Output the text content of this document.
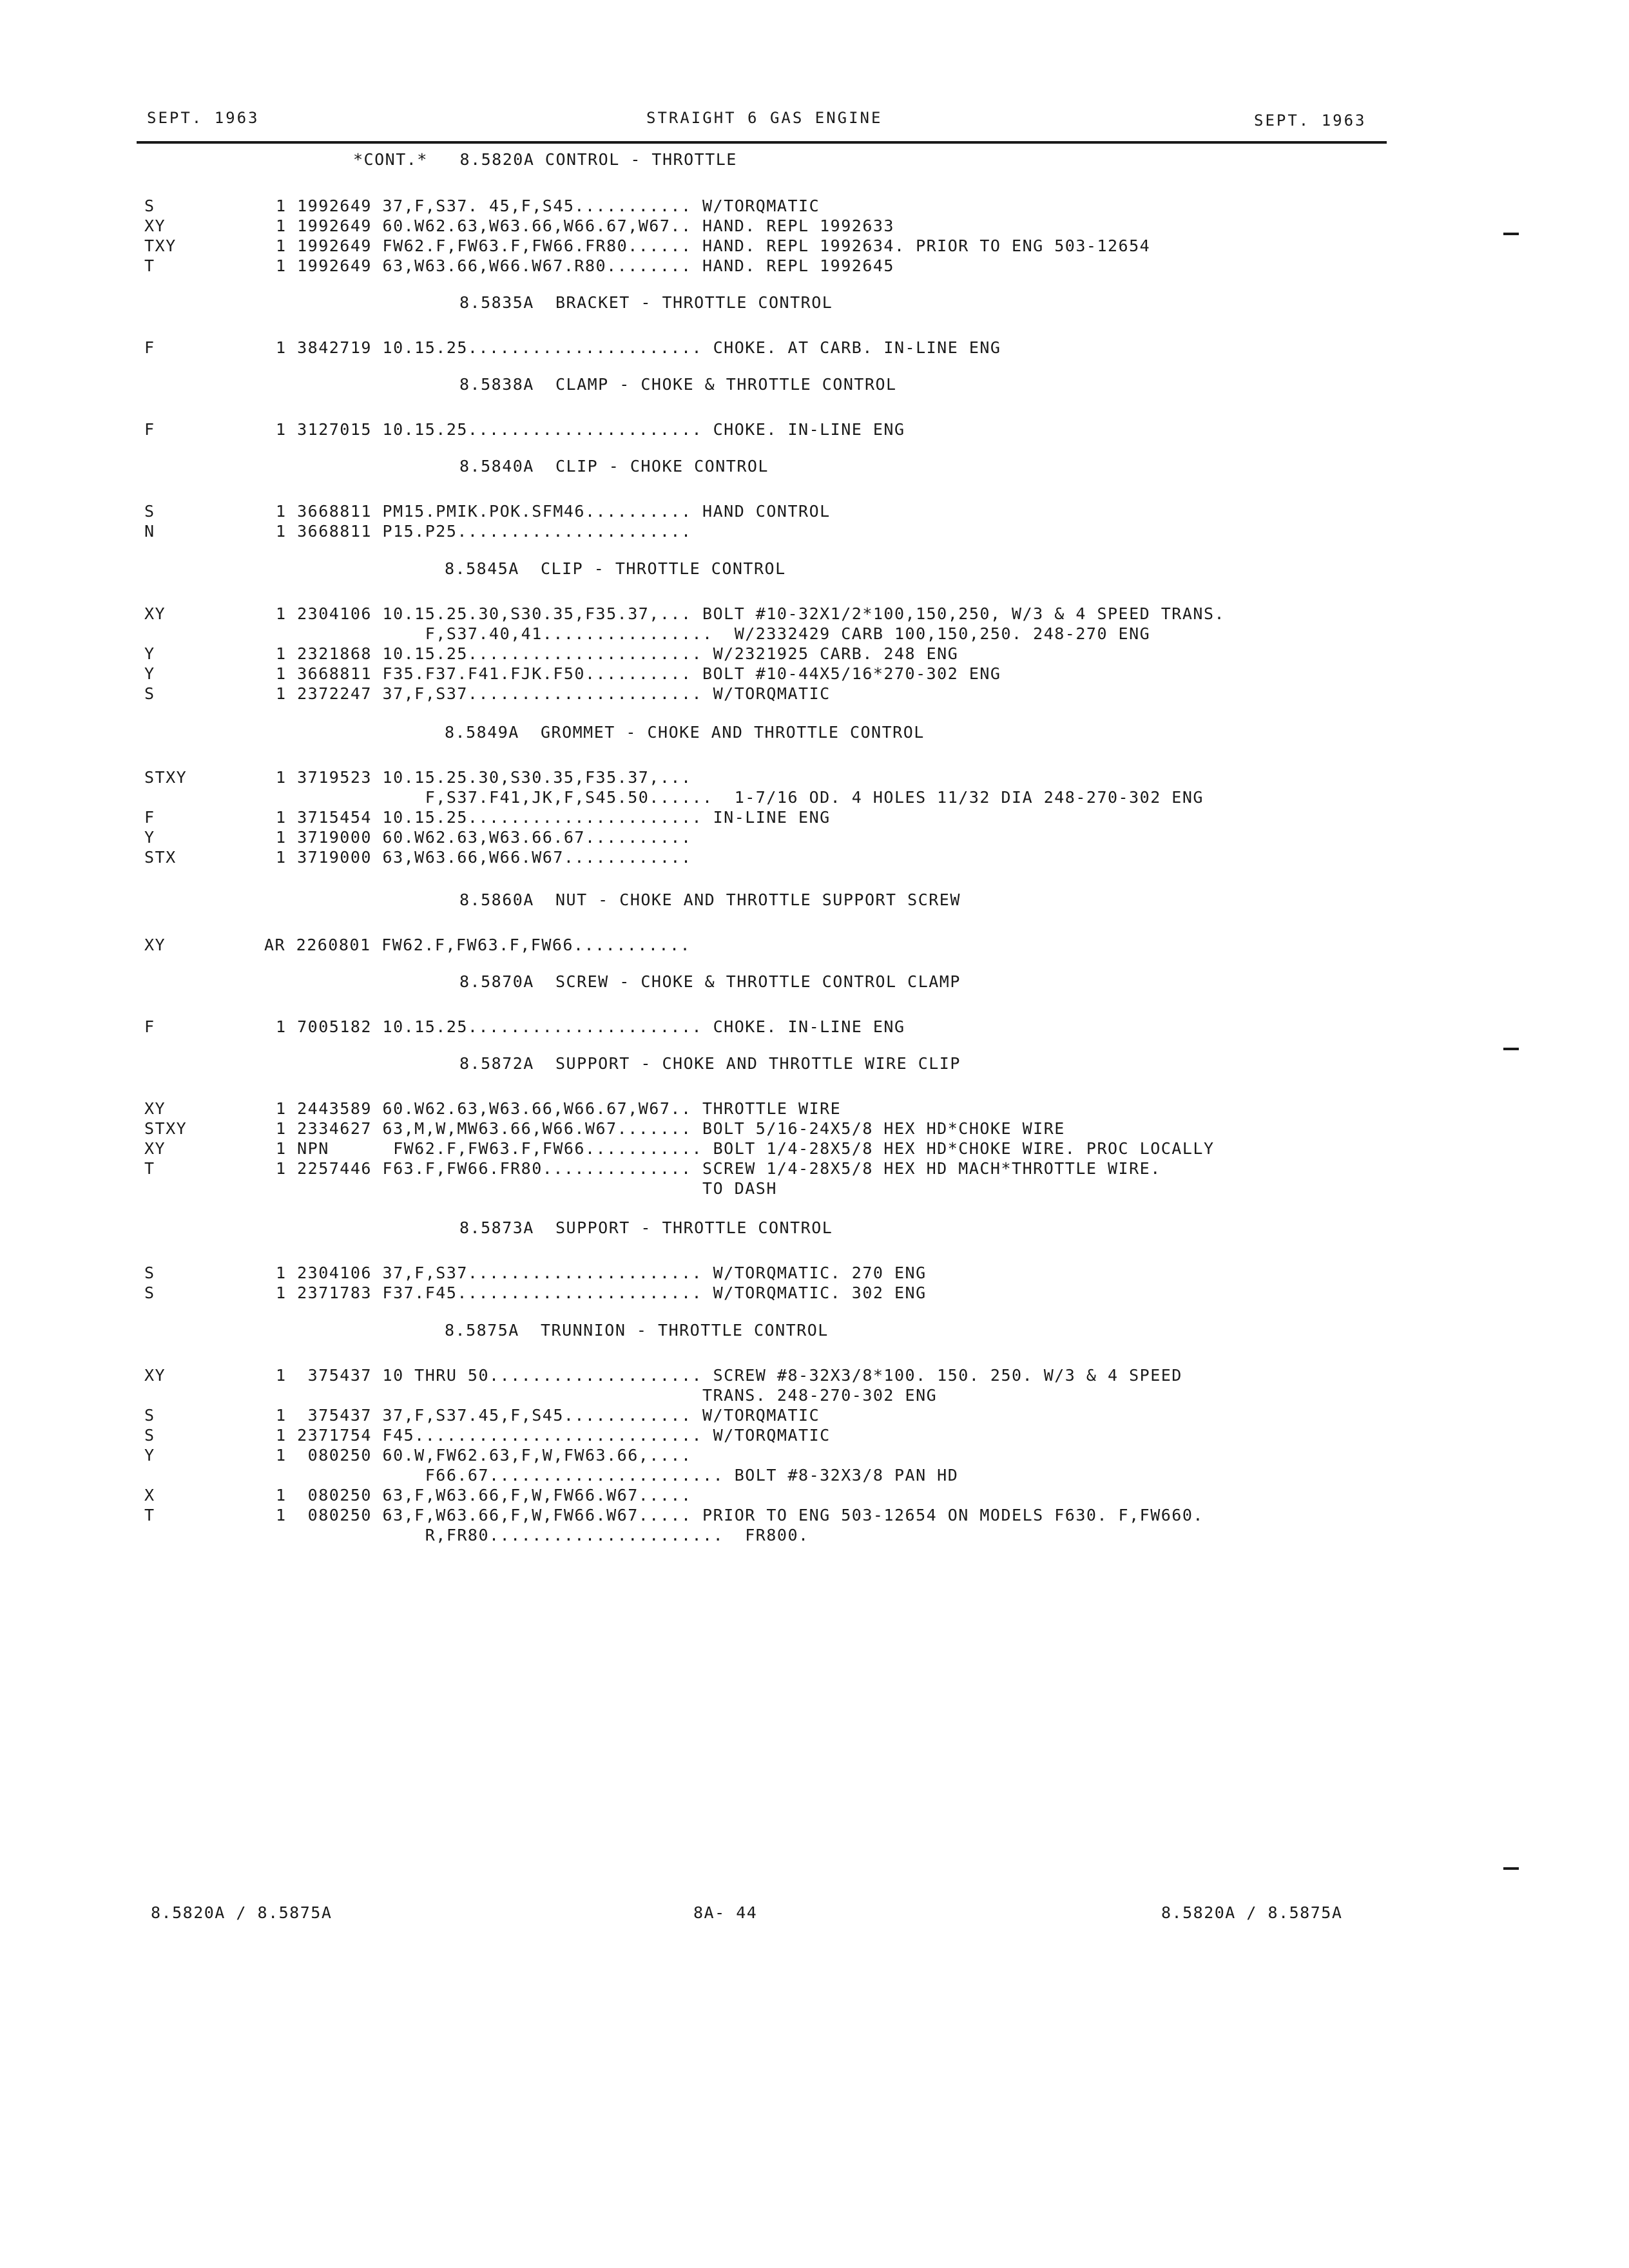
SEPT. 1963	STRAIGHT 6 GAS ENGINE	SEPT. 1963
*CONT.*   8.5820A CONTROL - THROTTLE
S	1 1992649 37,F,S37. 45,F,S45........... W/TORQMATIC
XY	1 1992649 60.W62.63,W63.66,W66.67,W67.. HAND. REPL 1992633
TXY	1 1992649 FW62.F,FW63.F,FW66.FR80...... HAND. REPL 1992634. PRIOR TO ENG 503-12654
T	1 1992649 63,W63.66,W66.W67.R80........ HAND. REPL 1992645
8.5835A  BRACKET - THROTTLE CONTROL
F	1 3842719 10.15.25...................... CHOKE. AT CARB. IN-LINE ENG
8.5838A  CLAMP - CHOKE & THROTTLE CONTROL
F	1 3127015 10.15.25...................... CHOKE. IN-LINE ENG
8.5840A  CLIP - CHOKE CONTROL
S	1 3668811 PM15.PMIK.POK.SFM46.......... HAND CONTROL
N	1 3668811 P15.P25......................
8.5845A  CLIP - THROTTLE CONTROL
XY	1 2304106 10.15.25.30,S30.35,F35.37,... BOLT #10-32X1/2*100,150,250, W/3 & 4 SPEED TRANS.
F,S37.40,41................  W/2332429 CARB 100,150,250. 248-270 ENG
Y	1 2321868 10.15.25...................... W/2321925 CARB. 248 ENG
Y	1 3668811 F35.F37.F41.FJK.F50.......... BOLT #10-44X5/16*270-302 ENG
S	1 2372247 37,F,S37...................... W/TORQMATIC
8.5849A  GROMMET - CHOKE AND THROTTLE CONTROL
STXY	1 3719523 10.15.25.30,S30.35,F35.37,...
F,S37.F41,JK,F,S45.50......  1-7/16 OD. 4 HOLES 11/32 DIA 248-270-302 ENG
F	1 3715454 10.15.25...................... IN-LINE ENG
Y	1 3719000 60.W62.63,W63.66.67..........
STX	1 3719000 63,W63.66,W66.W67............
8.5860A  NUT - CHOKE AND THROTTLE SUPPORT SCREW
XY	AR 2260801 FW62.F,FW63.F,FW66...........
8.5870A  SCREW - CHOKE & THROTTLE CONTROL CLAMP
F	1 7005182 10.15.25...................... CHOKE. IN-LINE ENG
8.5872A  SUPPORT - CHOKE AND THROTTLE WIRE CLIP
XY	1 2443589 60.W62.63,W63.66,W66.67,W67.. THROTTLE WIRE
STXY	1 2334627 63,M,W,MW63.66,W66.W67....... BOLT 5/16-24X5/8 HEX HD*CHOKE WIRE
XY	1 NPN      FW62.F,FW63.F,FW66........... BOLT 1/4-28X5/8 HEX HD*CHOKE WIRE. PROC LOCALLY
T	1 2257446 F63.F,FW66.FR80.............. SCREW 1/4-28X5/8 HEX HD MACH*THROTTLE WIRE.
TO DASH
8.5873A  SUPPORT - THROTTLE CONTROL
S	1 2304106 37,F,S37...................... W/TORQMATIC. 270 ENG
S	1 2371783 F37.F45....................... W/TORQMATIC. 302 ENG
8.5875A  TRUNNION - THROTTLE CONTROL
XY	1  375437 10 THRU 50.................... SCREW #8-32X3/8*100. 150. 250. W/3 & 4 SPEED
TRANS. 248-270-302 ENG
S	1  375437 37,F,S37.45,F,S45............ W/TORQMATIC
S	1 2371754 F45........................... W/TORQMATIC
Y	1  080250 60.W,FW62.63,F,W,FW63.66,....
F66.67...................... BOLT #8-32X3/8 PAN HD
X	1  080250 63,F,W63.66,F,W,FW66.W67.....
T	1  080250 63,F,W63.66,F,W,FW66.W67..... PRIOR TO ENG 503-12654 ON MODELS F630. F,FW660.
R,FR80......................  FR800.
8.5820A / 8.5875A	8A- 44	8.5820A / 8.5875A
